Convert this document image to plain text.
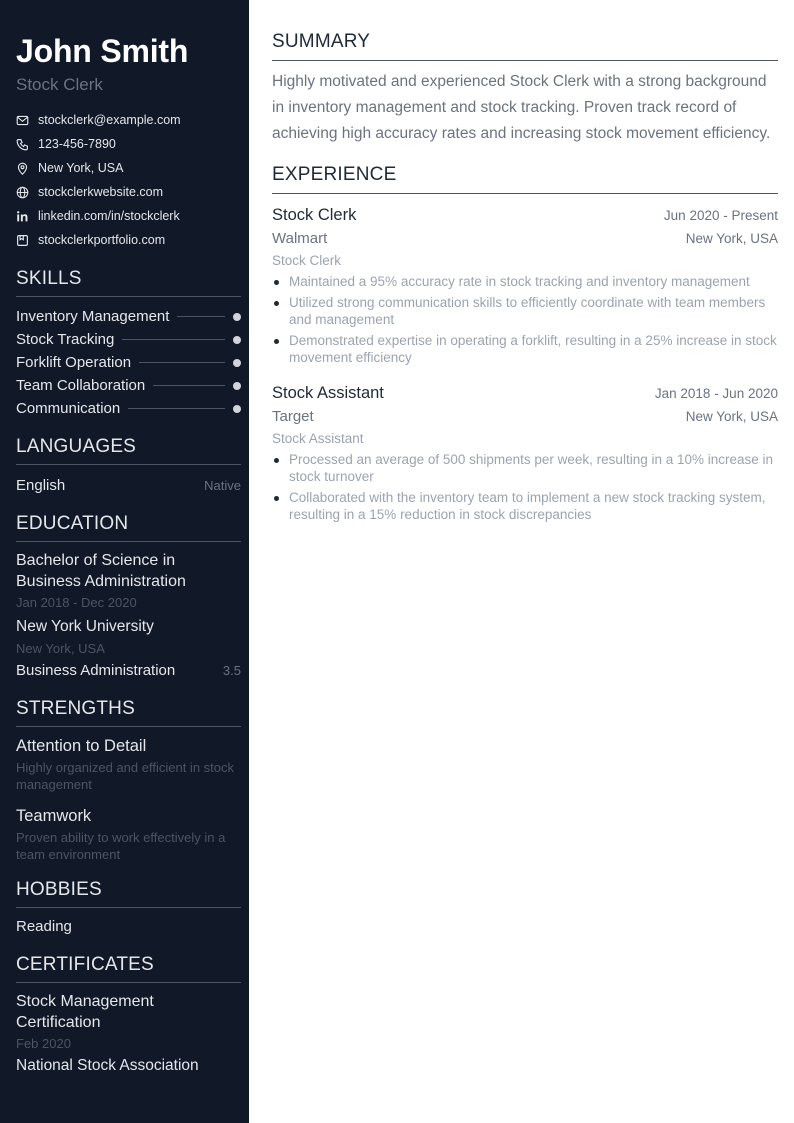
John Smith
Stock Clerk
stockclerk@example.com
123-456-7890
New York, USA
stockclerkwebsite.com
linkedin.com/in/stockclerk
stockclerkportfolio.com
SKILLS
Inventory Management
Stock Tracking
Forklift Operation
Team Collaboration
Communication
LANGUAGES
English	Native
EDUCATION
Bachelor of Science in Business Administration
Jan 2018 - Dec 2020
New York University
New York, USA
Business Administration	3.5
STRENGTHS
Attention to Detail
Highly organized and efficient in stock management
Teamwork
Proven ability to work effectively in a team environment
HOBBIES
Reading
CERTIFICATES
Stock Management Certification
Feb 2020
National Stock Association
SUMMARY
Highly motivated and experienced Stock Clerk with a strong background in inventory management and stock tracking. Proven track record of achieving high accuracy rates and increasing stock movement efficiency.
EXPERIENCE
Stock Clerk	Jun 2020 - Present
Walmart	New York, USA
Stock Clerk
Maintained a 95% accuracy rate in stock tracking and inventory management
Utilized strong communication skills to efficiently coordinate with team members and management
Demonstrated expertise in operating a forklift, resulting in a 25% increase in stock movement efficiency
Stock Assistant	Jan 2018 - Jun 2020
Target	New York, USA
Stock Assistant
Processed an average of 500 shipments per week, resulting in a 10% increase in stock turnover
Collaborated with the inventory team to implement a new stock tracking system, resulting in a 15% reduction in stock discrepancies
